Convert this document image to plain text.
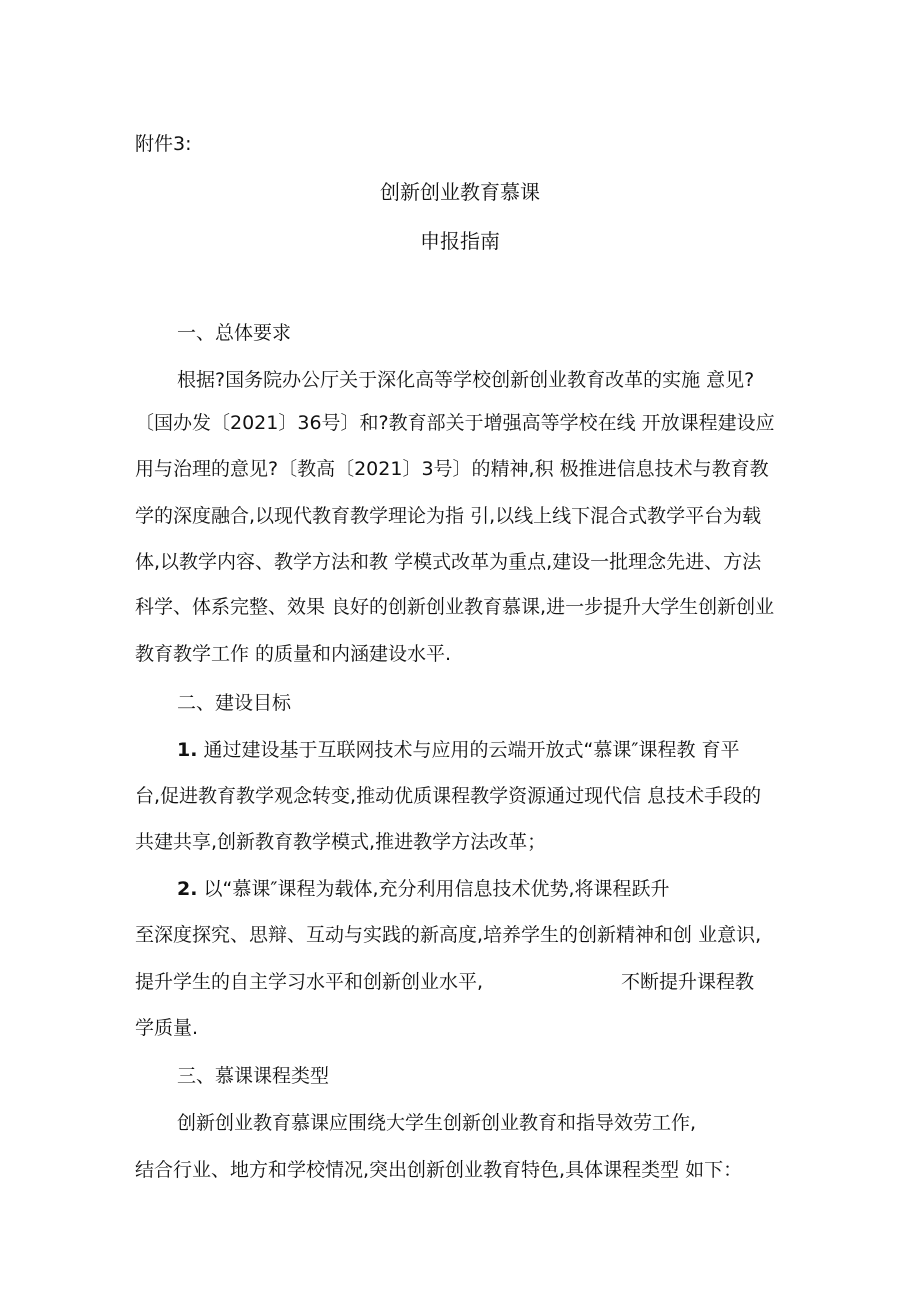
附件3:
创新创业教育慕课
申报指南
一、总体要求
根据?国务院办公厅关于深化高等学校创新创业教育改革的实施 意见?
〔国办发〔2021〕36号〕和?教育部关于增强高等学校在线 开放课程建设应
用与治理的意见?〔教高〔2021〕3号〕的精神,积 极推进信息技术与教育教
学的深度融合,以现代教育教学理论为指 引,以线上线下混合式教学平台为载
体,以教学内容、教学方法和教 学模式改革为重点,建设一批理念先进、方法
科学、体系完整、效果 良好的创新创业教育慕课,进一步提升大学生创新创业
教育教学工作 的质量和内涵建设水平.
二、建设目标
1. 通过建设基于互联网技术与应用的云端开放式“慕课″课程教 育平
台,促进教育教学观念转变,推动优质课程教学资源通过现代信 息技术手段的
共建共享,创新教育教学模式,推进教学方法改革；
2. 以“慕课″课程为载体,充分利用信息技术优势,将课程跃升
至深度探究、思辩、互动与实践的新高度,培养学生的创新精神和创 业意识,
提升学生的自主学习水平和创新创业水平,	不断提升课程教
学质量.
三、慕课课程类型
创新创业教育慕课应围绕大学生创新创业教育和指导效劳工作,
结合行业、地方和学校情况,突出创新创业教育特色,具体课程类型 如下：
